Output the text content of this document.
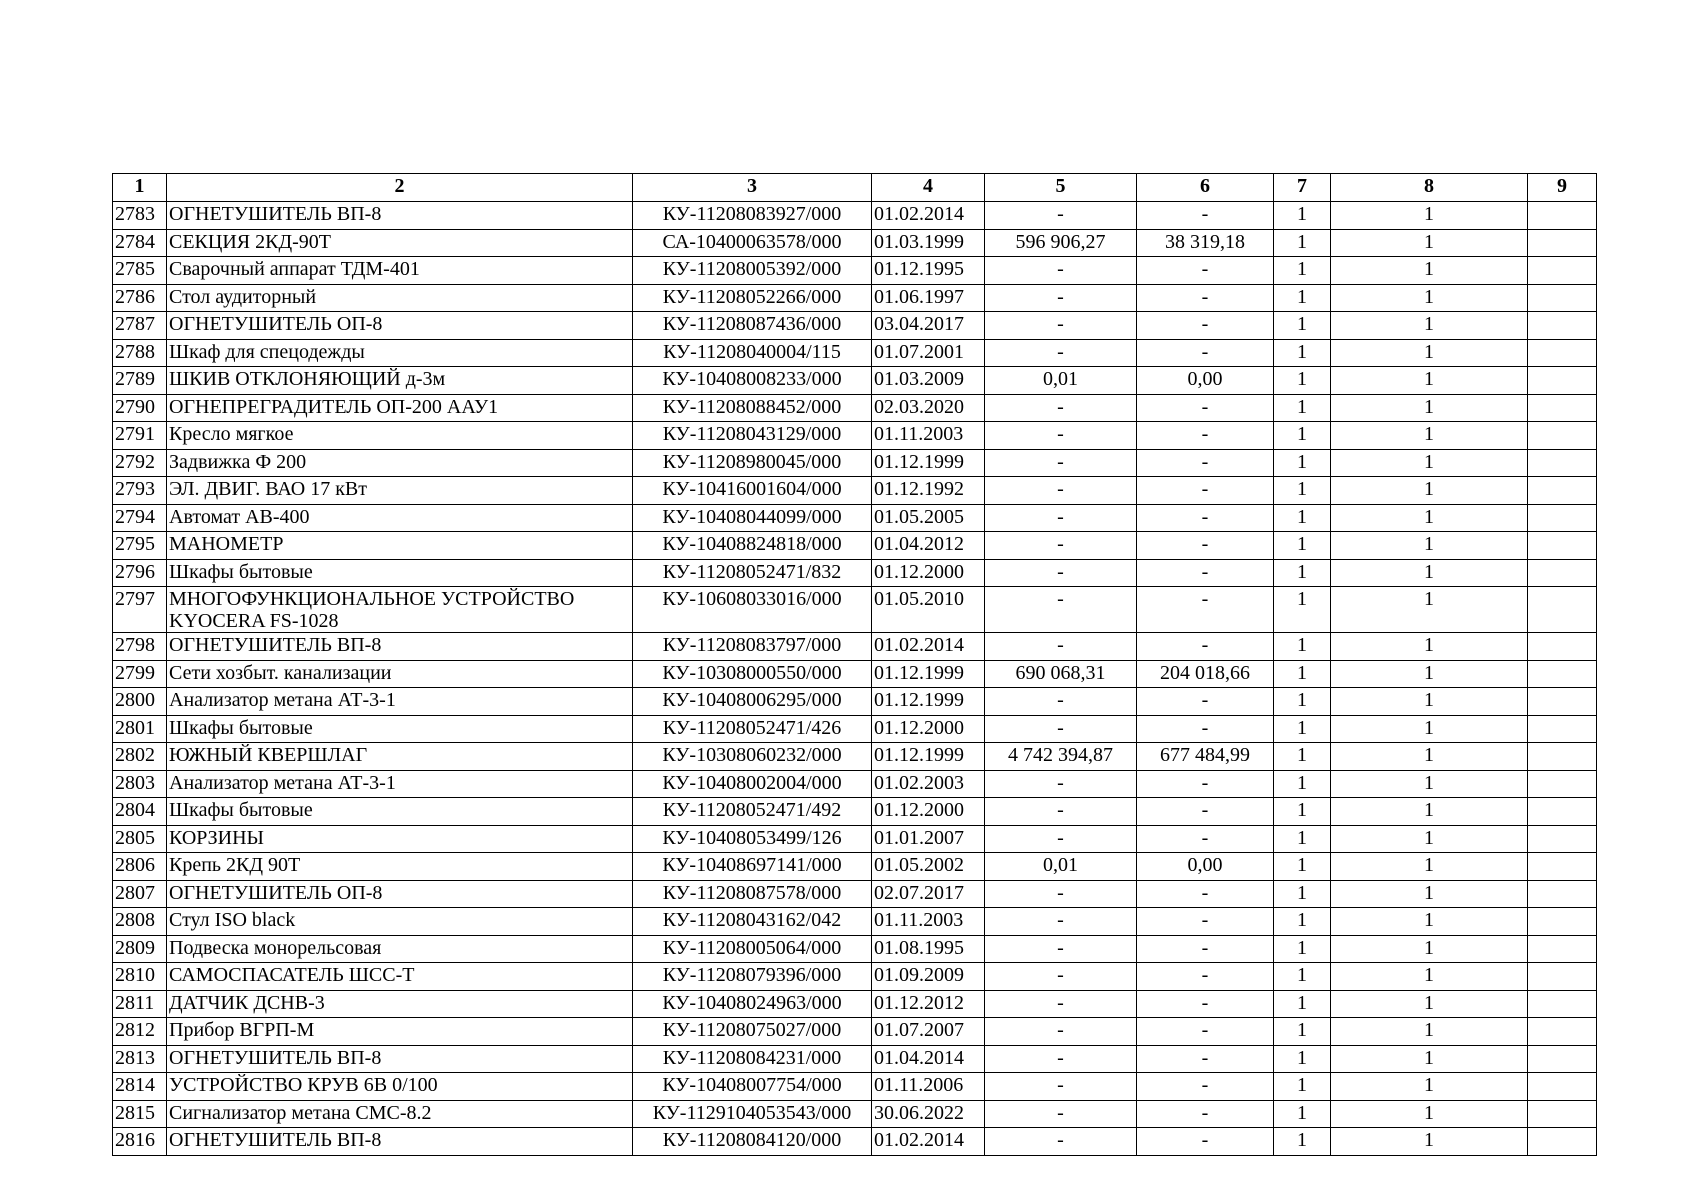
1	2	3	4	5	6	7	8	9
2783	ОГНЕТУШИТЕЛЬ ВП-8	КУ-11208083927/000	01.02.2014	-	-	1	1	
2784	СЕКЦИЯ 2КД-90Т	СА-10400063578/000	01.03.1999	596 906,27	38 319,18	1	1	
2785	Сварочный аппарат ТДМ-401	КУ-11208005392/000	01.12.1995	-	-	1	1	
2786	Стол аудиторный	КУ-11208052266/000	01.06.1997	-	-	1	1	
2787	ОГНЕТУШИТЕЛЬ ОП-8	КУ-11208087436/000	03.04.2017	-	-	1	1	
2788	Шкаф для спецодежды	КУ-11208040004/115	01.07.2001	-	-	1	1	
2789	ШКИВ ОТКЛОНЯЮЩИЙ д-3м	КУ-10408008233/000	01.03.2009	0,01	0,00	1	1	
2790	ОГНЕПРЕГРАДИТЕЛЬ ОП-200 ААУ1	КУ-11208088452/000	02.03.2020	-	-	1	1	
2791	Кресло мягкое	КУ-11208043129/000	01.11.2003	-	-	1	1	
2792	Задвижка Ф 200	КУ-11208980045/000	01.12.1999	-	-	1	1	
2793	ЭЛ. ДВИГ. ВАО 17 кВт	КУ-10416001604/000	01.12.1992	-	-	1	1	
2794	Автомат АВ-400	КУ-10408044099/000	01.05.2005	-	-	1	1	
2795	МАНОМЕТР	КУ-10408824818/000	01.04.2012	-	-	1	1	
2796	Шкафы бытовые	КУ-11208052471/832	01.12.2000	-	-	1	1	
2797	МНОГОФУНКЦИОНАЛЬНОЕ УСТРОЙСТВО KYOCERA FS-1028	КУ-10608033016/000	01.05.2010	-	-	1	1	
2798	ОГНЕТУШИТЕЛЬ ВП-8	КУ-11208083797/000	01.02.2014	-	-	1	1	
2799	Сети хозбыт. канализации	КУ-10308000550/000	01.12.1999	690 068,31	204 018,66	1	1	
2800	Анализатор метана АТ-3-1	КУ-10408006295/000	01.12.1999	-	-	1	1	
2801	Шкафы бытовые	КУ-11208052471/426	01.12.2000	-	-	1	1	
2802	ЮЖНЫЙ КВЕРШЛАГ	КУ-10308060232/000	01.12.1999	4 742 394,87	677 484,99	1	1	
2803	Анализатор метана АТ-3-1	КУ-10408002004/000	01.02.2003	-	-	1	1	
2804	Шкафы бытовые	КУ-11208052471/492	01.12.2000	-	-	1	1	
2805	КОРЗИНЫ	КУ-10408053499/126	01.01.2007	-	-	1	1	
2806	Крепь 2КД 90Т	КУ-10408697141/000	01.05.2002	0,01	0,00	1	1	
2807	ОГНЕТУШИТЕЛЬ ОП-8	КУ-11208087578/000	02.07.2017	-	-	1	1	
2808	Стул ISO black	КУ-11208043162/042	01.11.2003	-	-	1	1	
2809	Подвеска монорельсовая	КУ-11208005064/000	01.08.1995	-	-	1	1	
2810	САМОСПАСАТЕЛЬ ШСС-Т	КУ-11208079396/000	01.09.2009	-	-	1	1	
2811	ДАТЧИК ДСНВ-3	КУ-10408024963/000	01.12.2012	-	-	1	1	
2812	Прибор ВГРП-М	КУ-11208075027/000	01.07.2007	-	-	1	1	
2813	ОГНЕТУШИТЕЛЬ ВП-8	КУ-11208084231/000	01.04.2014	-	-	1	1	
2814	УСТРОЙСТВО КРУВ 6В 0/100	КУ-10408007754/000	01.11.2006	-	-	1	1	
2815	Сигнализатор метана СМС-8.2	КУ-1129104053543/000	30.06.2022	-	-	1	1	
2816	ОГНЕТУШИТЕЛЬ ВП-8	КУ-11208084120/000	01.02.2014	-	-	1	1	
